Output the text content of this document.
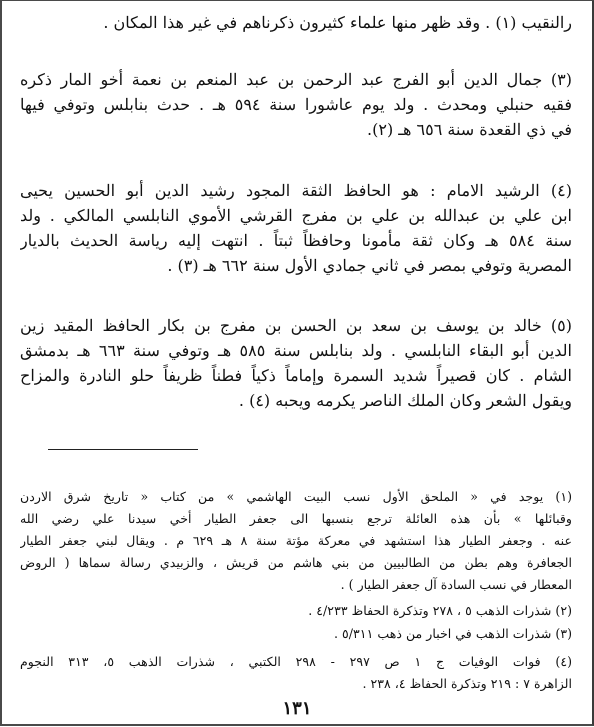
رالنقيب (١) . وقد ظهر منها علماء كثيرون ذكرناهم في غير هذا المكان .
(٣) جمال الدين أبو الفرج عبد الرحمن بن عبد المنعم بن نعمة أخو المار ذكره
فقيه حنبلي ومحدث . ولد يوم عاشورا سنة ٥٩٤ هـ . حدث بنابلس وتوفي فيها
في ذي القعدة سنة ٦٥٦ هـ (٢).
(٤) الرشيد الامام : هو الحافظ الثقة المجود رشيد الدين أبو الحسين يحيى
ابن علي بن عبدالله بن علي بن مفرج القرشي الأموي النابلسي المالكي . ولد
سنة ٥٨٤ هـ وكان ثقة مأمونا وحافظاً ثبتاً . انتهت إليه رياسة الحديث بالديار
المصرية وتوفي بمصر في ثاني جمادي الأول سنة ٦٦٢ هـ (٣) .
(٥) خالد بن يوسف بن سعد بن الحسن بن مفرج بن بكار الحافظ المقيد زين
الدين أبو البقاء النابلسي . ولد بنابلس سنة ٥٨٥ هـ وتوفي سنة ٦٦٣ هـ بدمشق
الشام . كان قصيراً شديد السمرة وإماماً ذكياً فطناً ظريفاً حلو النادرة والمزاح
ويقول الشعر وكان الملك الناصر يكرمه ويحبه (٤) .
(١) يوجد في « الملحق الأول نسب البيت الهاشمي » من كتاب « تاريخ شرق الاردن
وقبائلها » بأن هذه العائلة ترجع بنسبها الى جعفر الطيار أخي سيدنا علي رضي الله
عنه . وجعفر الطيار هذا استشهد في معركة مؤتة سنة ٨ هـ ٦٢٩ م . ويقال لبني جعفر الطيار
الجعافرة وهم بطن من الطالبيين من بني هاشم من قريش ، والزبيدي رسالة سماها ( الروض
المعطار في نسب السادة آل جعفر الطيار ) .
(٢) شذرات الذهب ٥ ، ٢٧٨ وتذكرة الحفاظ ٤/٢٣٣ .
(٣) شذرات الذهب في اخبار من ذهب ٥/٣١١ .
(٤) فوات الوفيات ج ١ ص ٢٩٧ - ٢٩٨ الكتبي ، شذرات الذهب ٥، ٣١٣ النجوم
الزاهرة ٧ : ٢١٩ وتذكرة الحفاظ ٤، ٢٣٨ .
١٣١
